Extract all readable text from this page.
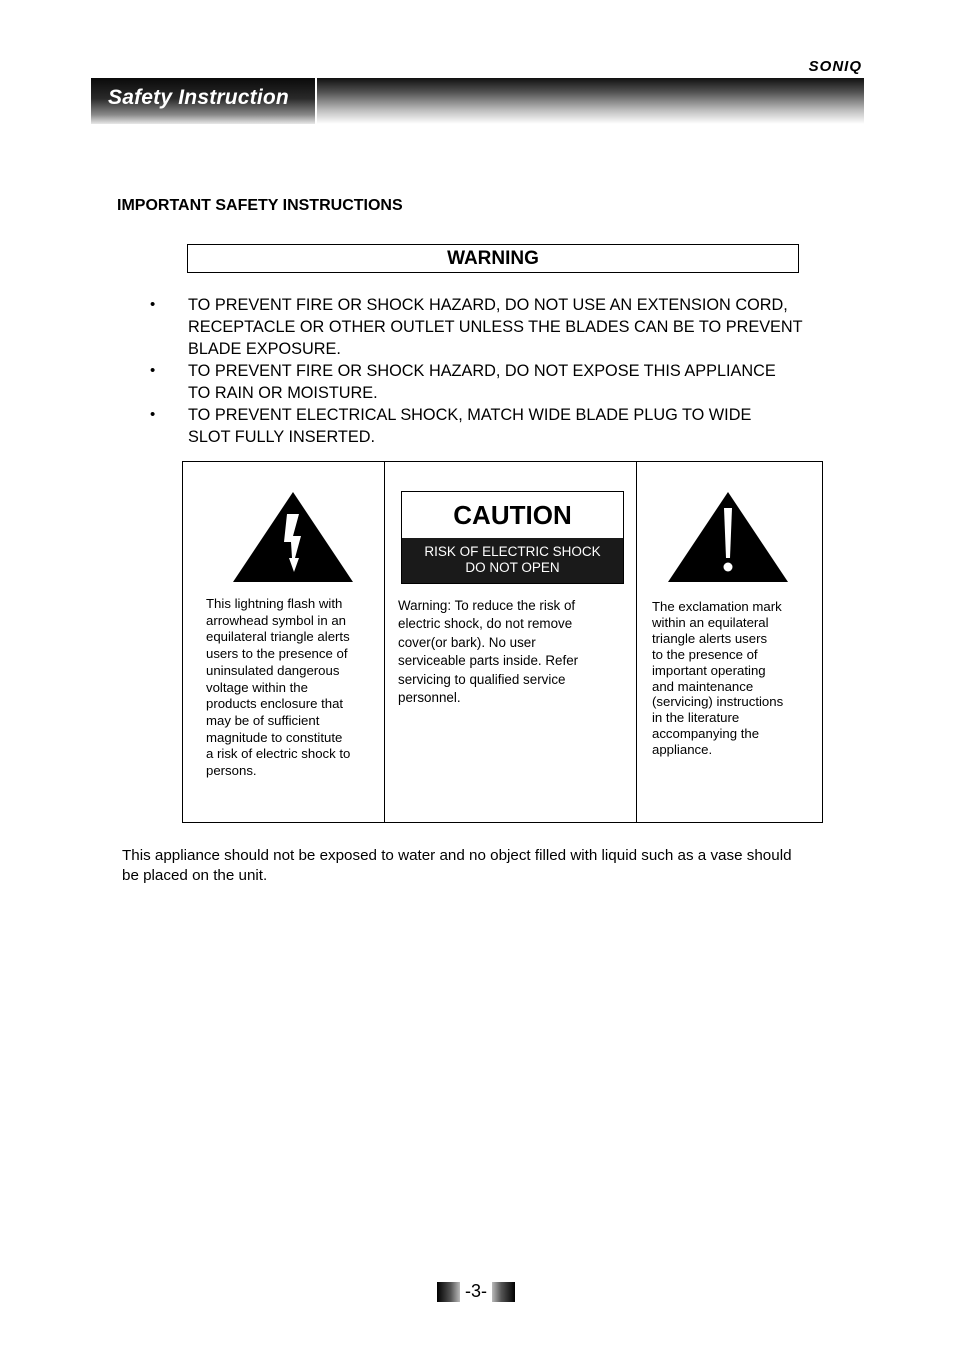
SONIQ
Safety Instruction
IMPORTANT SAFETY INSTRUCTIONS
WARNING
• TO PREVENT FIRE OR SHOCK HAZARD, DO NOT USE AN EXTENSION CORD,
RECEPTACLE OR OTHER OUTLET UNLESS THE BLADES CAN BE TO PREVENT
BLADE EXPOSURE.
• TO PREVENT FIRE OR SHOCK HAZARD, DO NOT EXPOSE THIS APPLIANCE
TO RAIN OR MOISTURE.
• TO PREVENT ELECTRICAL SHOCK, MATCH WIDE BLADE PLUG TO WIDE
SLOT FULLY INSERTED.
This lightning flash with
arrowhead symbol in an
equilateral triangle alerts
users to the presence of
uninsulated dangerous
voltage within the
products enclosure that
may be of sufficient
magnitude to constitute
a risk of electric shock to
persons.
CAUTION
RISK OF ELECTRIC SHOCK
DO NOT OPEN
Warning: To reduce the risk of
electric shock, do not remove
cover(or bark). No user
serviceable parts inside. Refer
servicing to qualified service
personnel.
The exclamation mark
within an equilateral
triangle alerts users
to the presence of
important operating
and maintenance
(servicing) instructions
in the literature
accompanying the
appliance.
This appliance should not be exposed to water and no object filled with liquid such as a vase should
be placed on the unit.
-3-
